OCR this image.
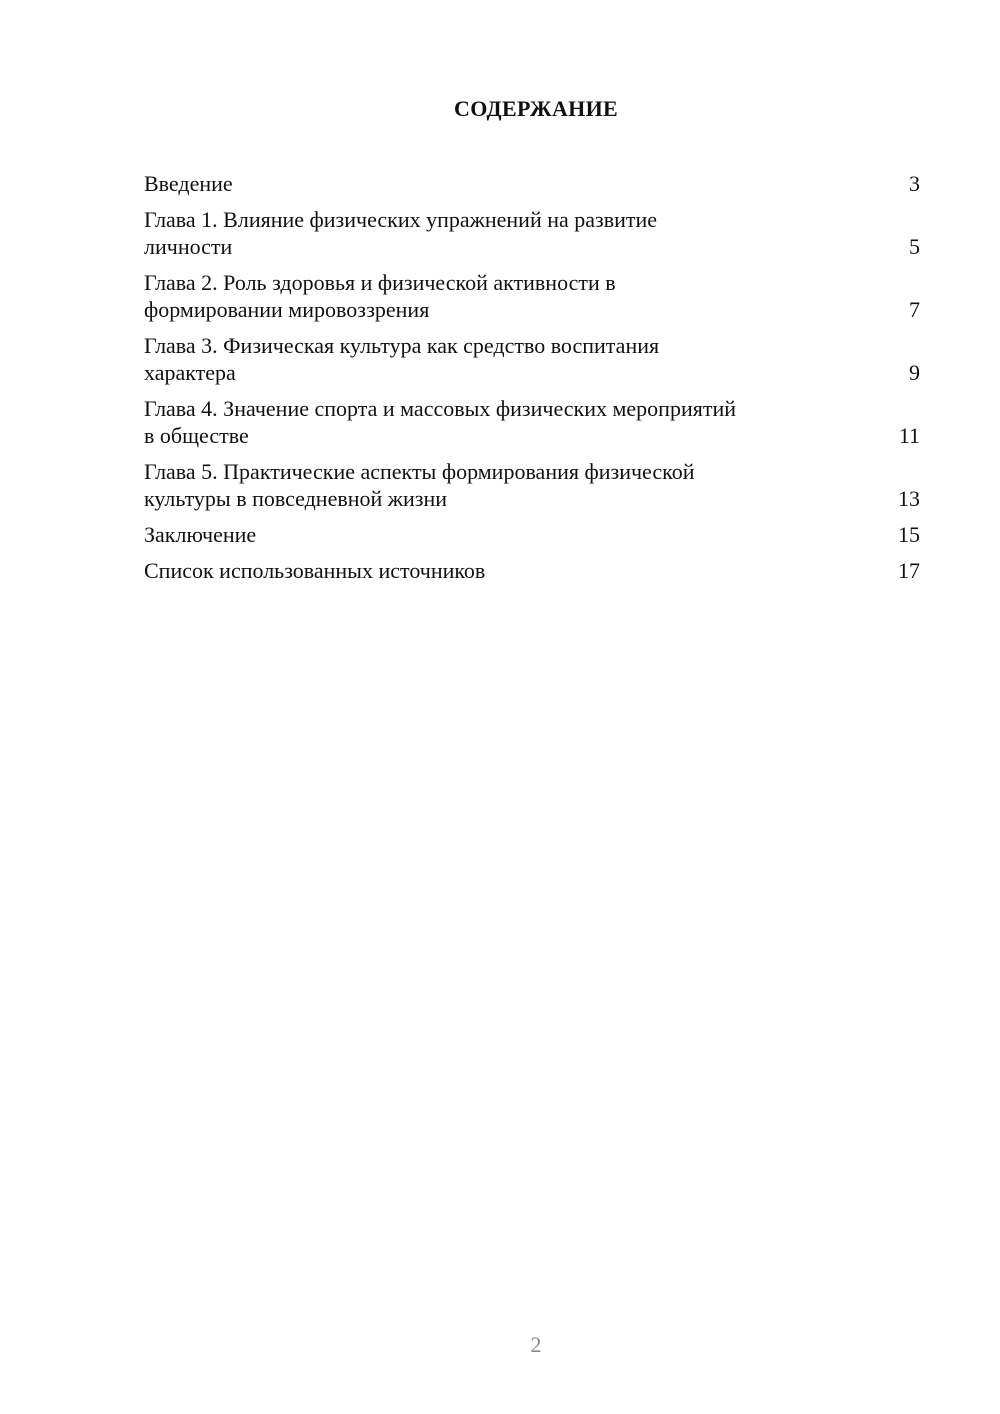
СОДЕРЖАНИЕ
Введение	3
Глава 1. Влияние физических упражнений на развитие
личности	5
Глава 2. Роль здоровья и физической активности в
формировании мировоззрения	7
Глава 3. Физическая культура как средство воспитания
характера	9
Глава 4. Значение спорта и массовых физических мероприятий
в обществе	11
Глава 5. Практические аспекты формирования физической
культуры в повседневной жизни	13
Заключение	15
Список использованных источников	17
2
